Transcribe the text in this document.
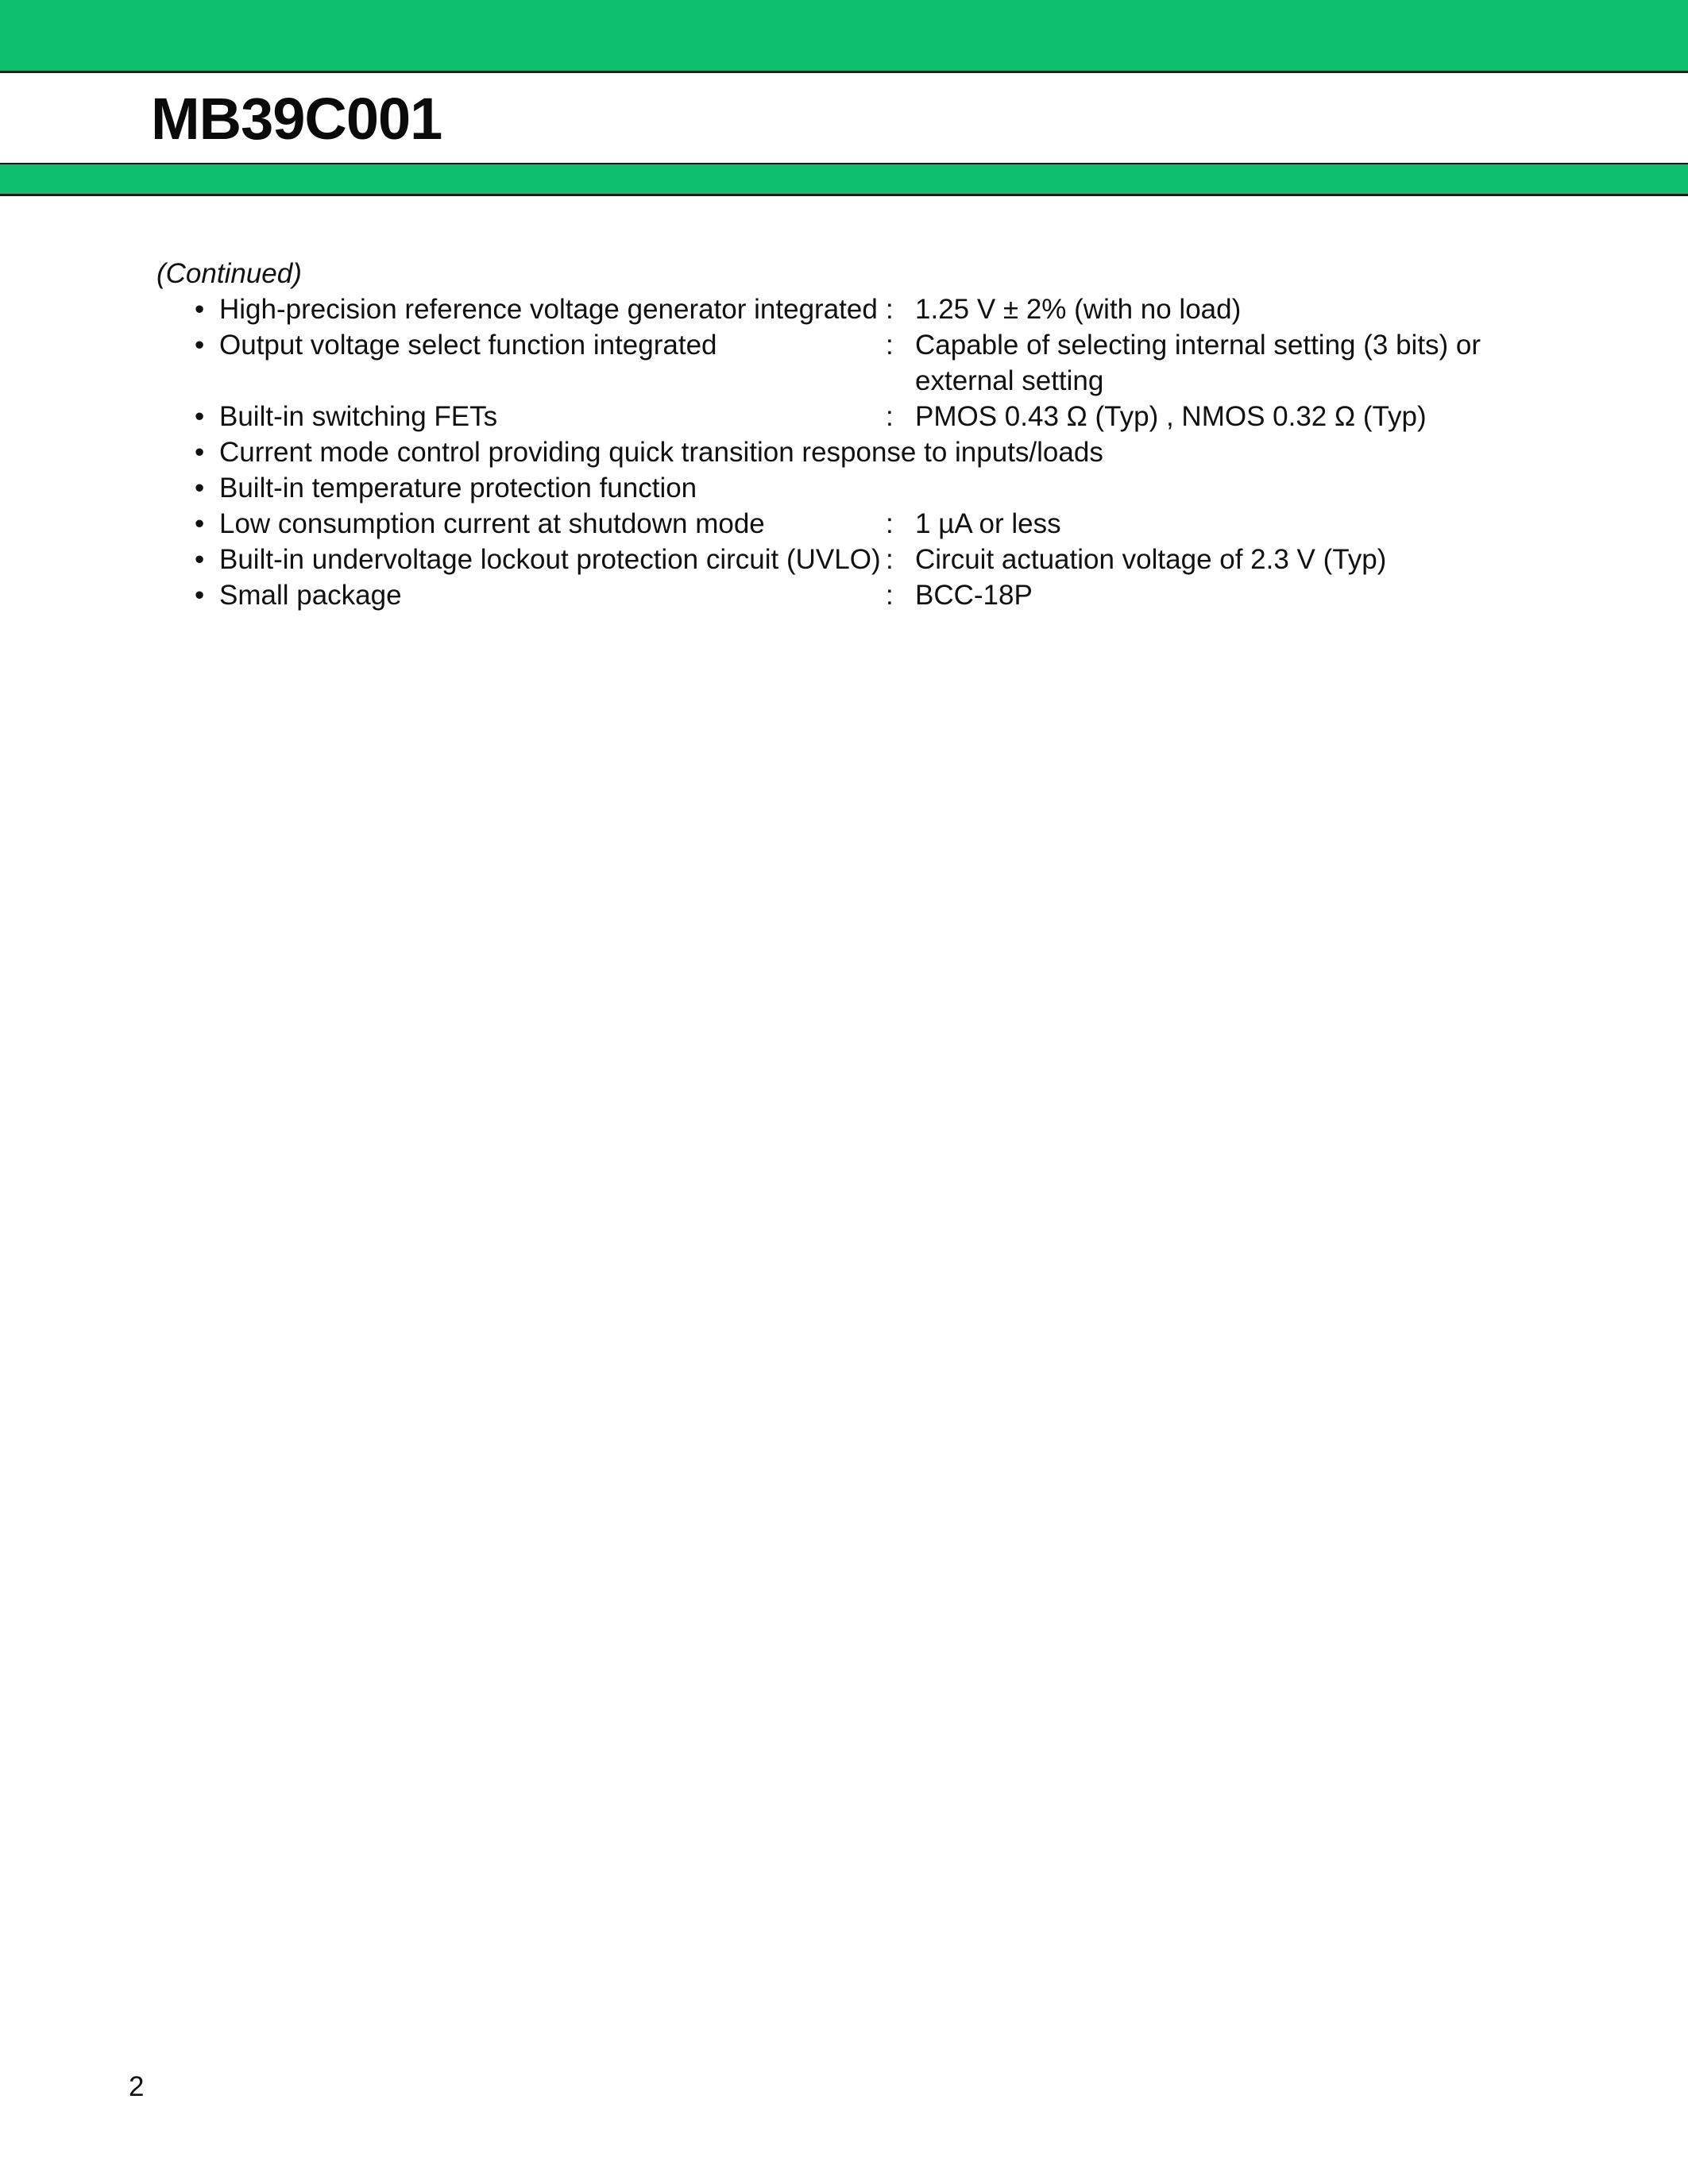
MB39C001

(Continued)

• High-precision reference voltage generator integrated : 1.25 V ± 2% (with no load)
• Output voltage select function integrated	: Capable of selecting internal setting (3 bits) or
external setting
• Built-in switching FETs	: PMOS 0.43 Ω (Typ) , NMOS 0.32 Ω (Typ)
• Current mode control providing quick transition response to inputs/loads
• Built-in temperature protection function
• Low consumption current at shutdown mode	: 1 µA or less
• Built-in undervoltage lockout protection circuit (UVLO) : Circuit actuation voltage of 2.3 V (Typ)
• Small package	: BCC-18P
2
